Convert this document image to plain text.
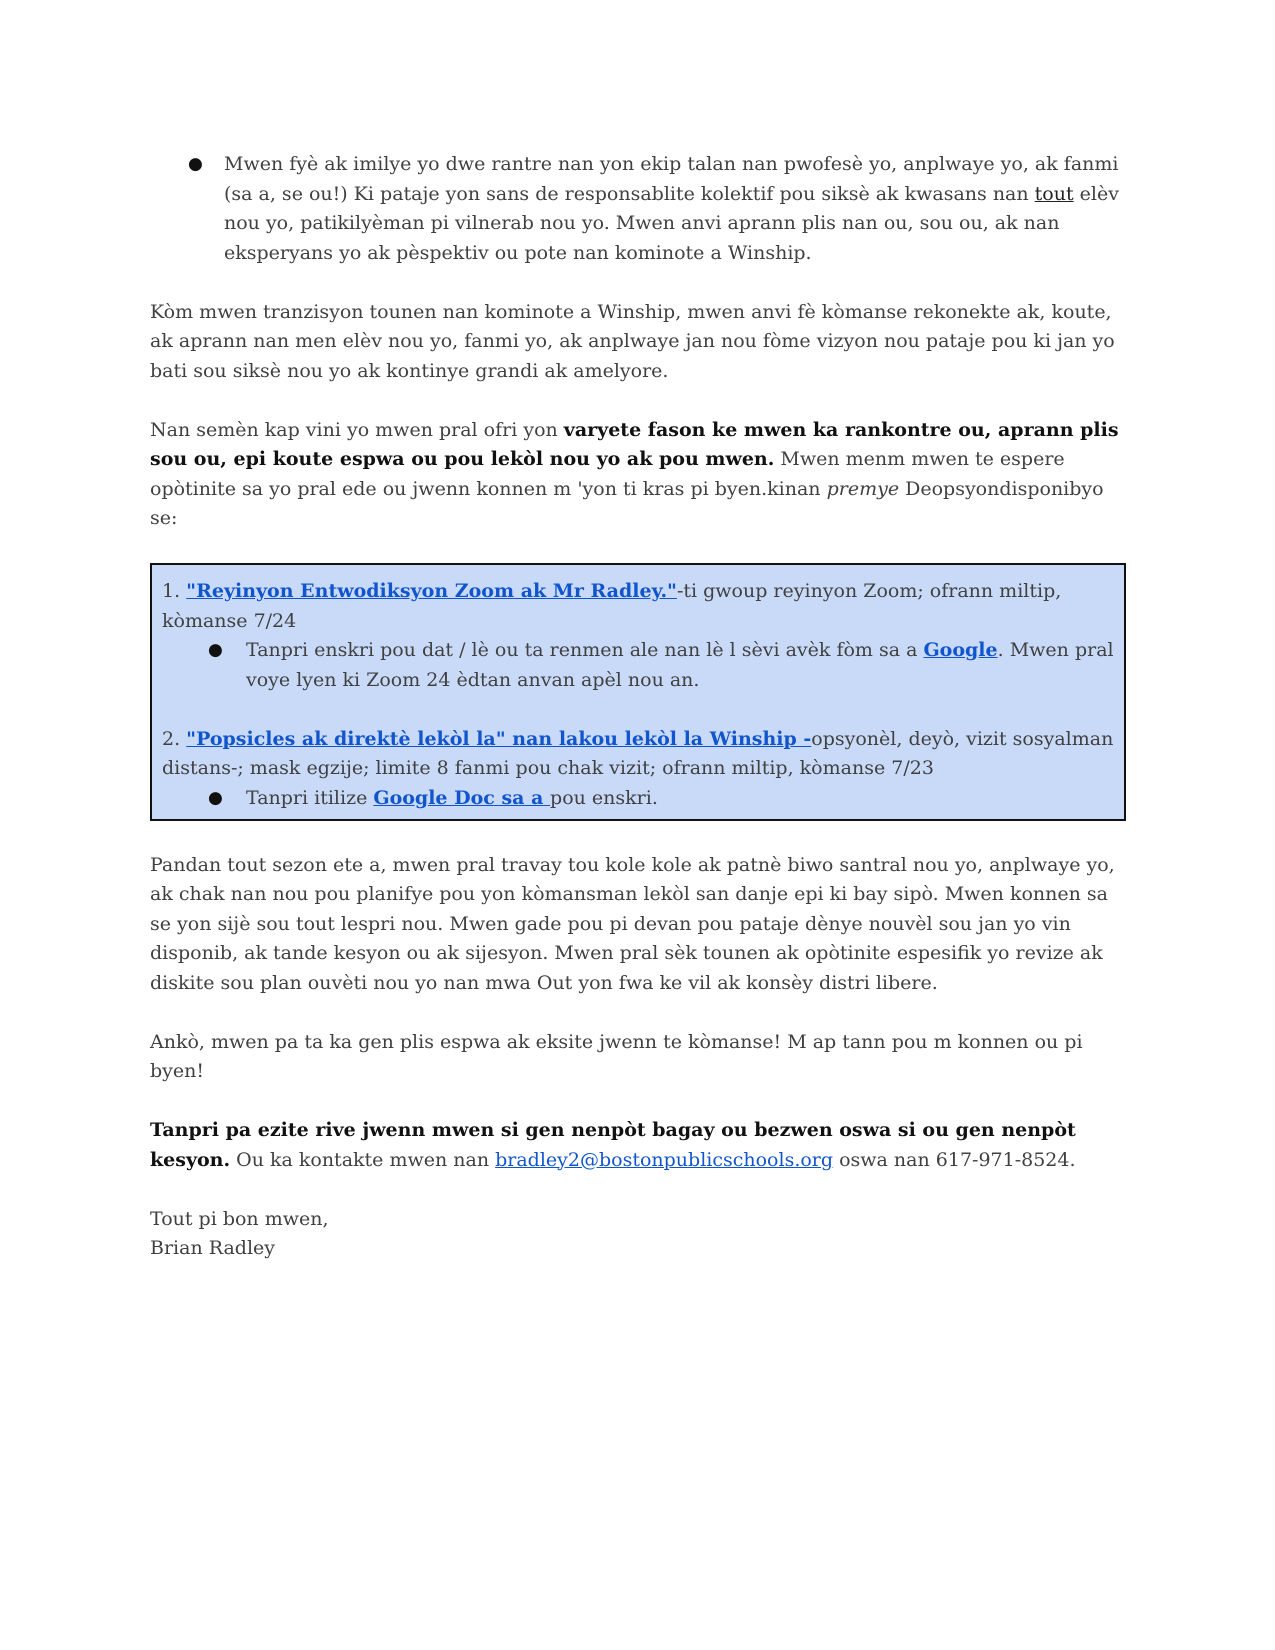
● Mwen fyè ak imilye yo dwe rantre nan yon ekip talan nan pwofesè yo, anplwaye yo, ak fanmi (sa a, se ou!) Ki pataje yon sans de responsablite kolektif pou siksè ak kwasans nan tout elèv nou yo, patikilyèman pi vilnerab nou yo. Mwen anvi aprann plis nan ou, sou ou, ak nan eksperyans yo ak pèspektiv ou pote nan kominote a Winship.

Kòm mwen tranzisyon tounen nan kominote a Winship, mwen anvi fè kòmanse rekonekte ak, koute, ak aprann nan men elèv nou yo, fanmi yo, ak anplwaye jan nou fòme vizyon nou pataje pou ki jan yo bati sou siksè nou yo ak kontinye grandi ak amelyore.

Nan semèn kap vini yo mwen pral ofri yon varyete fason ke mwen ka rankontre ou, aprann plis sou ou, epi koute espwa ou pou lekòl nou yo ak pou mwen. Mwen menm mwen te espere opòtinite sa yo pral ede ou jwenn konnen m 'yon ti kras pi byen.kinan premye Deopsyondisponibyo se:

1. "Reyinyon Entwodiksyon Zoom ak Mr Radley."-ti gwoup reyinyon Zoom; ofrann miltip, kòmanse 7/24
● Tanpri enskri pou dat / lè ou ta renmen ale nan lè l sèvi avèk fòm sa a Google. Mwen pral voye lyen ki Zoom 24 èdtan anvan apèl nou an.
2. "Popsicles ak direktè lekòl la" nan lakou lekòl la Winship -opsyonèl, deyò, vizit sosyalman distans-; mask egzije; limite 8 fanmi pou chak vizit; ofrann miltip, kòmanse 7/23
● Tanpri itilize Google Doc sa a pou enskri.

Pandan tout sezon ete a, mwen pral travay tou kole kole ak patnè biwo santral nou yo, anplwaye yo, ak chak nan nou pou planifye pou yon kòmansman lekòl san danje epi ki bay sipò. Mwen konnen sa se yon sijè sou tout lespri nou. Mwen gade pou pi devan pou pataje dènye nouvèl sou jan yo vin disponib, ak tande kesyon ou ak sijesyon. Mwen pral sèk tounen ak opòtinite espesifik yo revize ak diskite sou plan ouvèti nou yo nan mwa Out yon fwa ke vil ak konsèy distri libere.

Ankò, mwen pa ta ka gen plis espwa ak eksite jwenn te kòmanse! M ap tann pou m konnen ou pi byen!

Tanpri pa ezite rive jwenn mwen si gen nenpòt bagay ou bezwen oswa si ou gen nenpòt kesyon. Ou ka kontakte mwen nan bradley2@bostonpublicschools.org oswa nan 617-971-8524.

Tout pi bon mwen,

Brian Radley
